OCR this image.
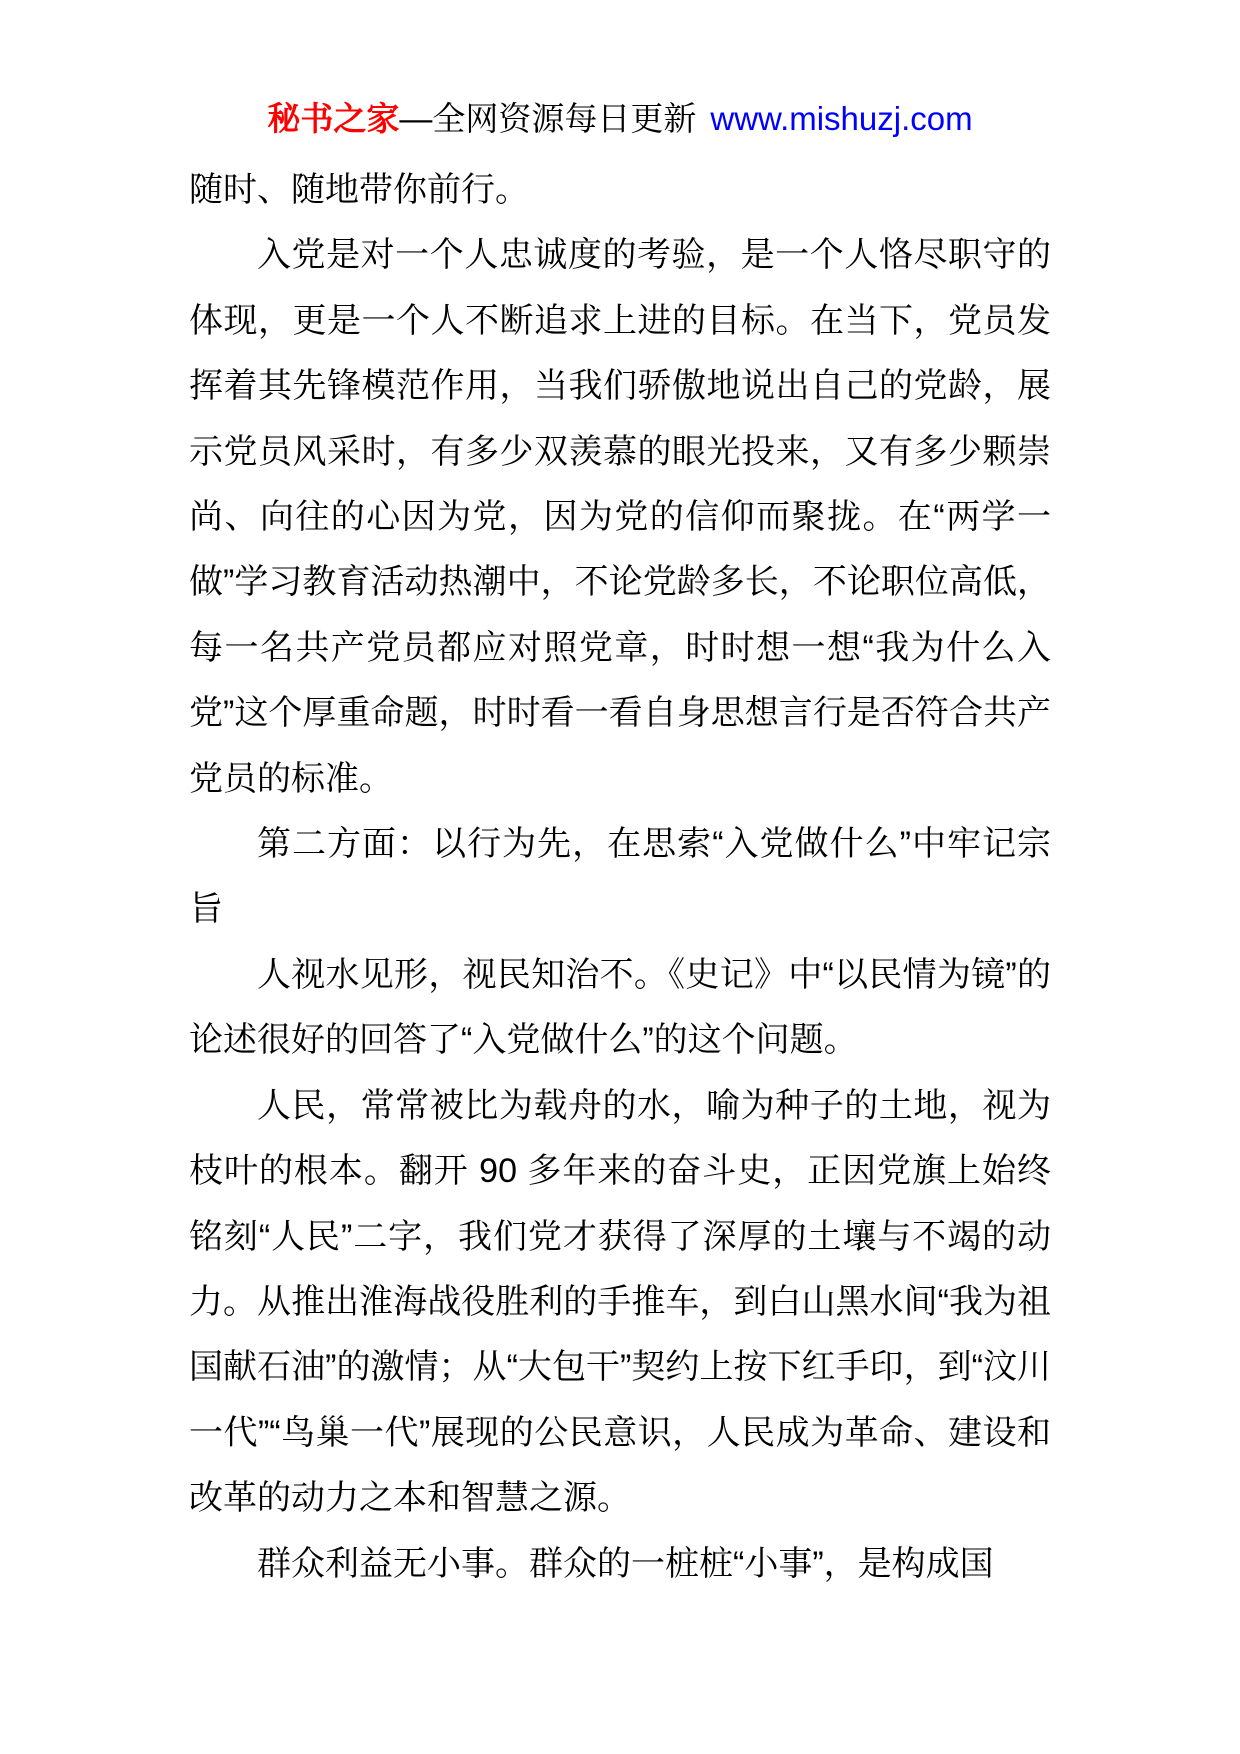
秘书之家—全网资源每日更新 www.mishuzj.com
随时、随地带你前行。
入党是对一个人忠诚度的考验，是一个人恪尽职守的体现，更是一个人不断追求上进的目标。在当下，党员发挥着其先锋模范作用，当我们骄傲地说出自己的党龄，展示党员风采时，有多少双羡慕的眼光投来，又有多少颗崇尚、向往的心因为党，因为党的信仰而聚拢。在“两学一做”学习教育活动热潮中，不论党龄多长，不论职位高低，每一名共产党员都应对照党章，时时想一想“我为什么入党”这个厚重命题，时时看一看自身思想言行是否符合共产党员的标准。
第二方面：以行为先，在思索“入党做什么”中牢记宗旨
人视水见形，视民知治不。《史记》中“以民情为镜”的论述很好的回答了“入党做什么”的这个问题。
人民，常常被比为载舟的水，喻为种子的土地，视为枝叶的根本。翻开 90 多年来的奋斗史，正因党旗上始终铭刻“人民”二字，我们党才获得了深厚的土壤与不竭的动力。从推出淮海战役胜利的手推车，到白山黑水间“我为祖国献石油”的激情；从“大包干”契约上按下红手印，到“汶川一代”“鸟巢一代”展现的公民意识，人民成为革命、建设和改革的动力之本和智慧之源。
群众利益无小事。群众的一桩桩“小事”，是构成国
